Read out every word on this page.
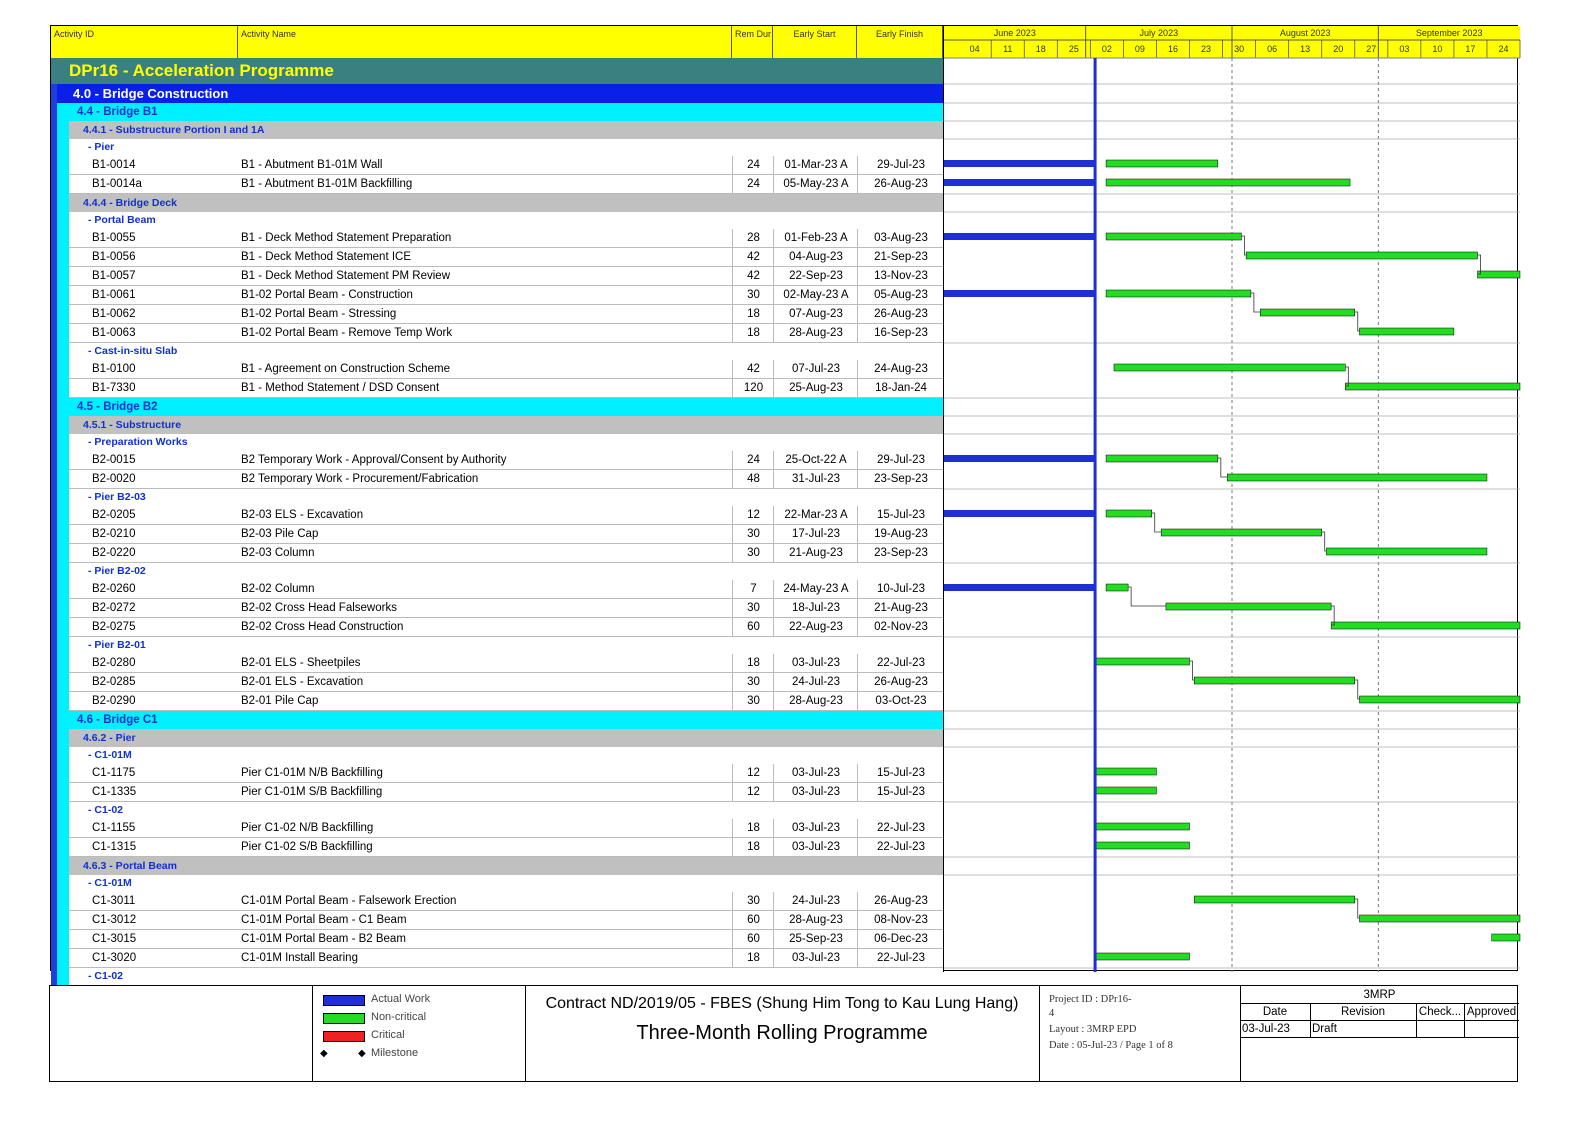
Activity ID	Activity Name	Rem Dur	Early Start	Early Finish
DPr16 - Acceleration Programme
4.0 - Bridge Construction
4.4 - Bridge B1
4.4.1 - Substructure Portion I and 1A
- Pier
B1-0014	B1 - Abutment B1-01M Wall	24	01-Mar-23 A	29-Jul-23
B1-0014a	B1 - Abutment B1-01M Backfilling	24	05-May-23 A	26-Aug-23
4.4.4 - Bridge Deck
- Portal Beam
B1-0055	B1 - Deck Method Statement Preparation	28	01-Feb-23 A	03-Aug-23
B1-0056	B1 - Deck Method Statement ICE	42	04-Aug-23	21-Sep-23
B1-0057	B1 - Deck Method Statement PM Review	42	22-Sep-23	13-Nov-23
B1-0061	B1-02 Portal Beam - Construction	30	02-May-23 A	05-Aug-23
B1-0062	B1-02 Portal Beam - Stressing	18	07-Aug-23	26-Aug-23
B1-0063	B1-02 Portal Beam - Remove Temp Work	18	28-Aug-23	16-Sep-23
- Cast-in-situ Slab
B1-0100	B1 - Agreement on Construction Scheme	42	07-Jul-23	24-Aug-23
B1-7330	B1 - Method Statement / DSD Consent	120	25-Aug-23	18-Jan-24
4.5 - Bridge B2
4.5.1 - Substructure
- Preparation Works
B2-0015	B2 Temporary Work - Approval/Consent by Authority	24	25-Oct-22 A	29-Jul-23
B2-0020	B2 Temporary Work - Procurement/Fabrication	48	31-Jul-23	23-Sep-23
- Pier B2-03
B2-0205	B2-03 ELS - Excavation	12	22-Mar-23 A	15-Jul-23
B2-0210	B2-03 Pile Cap	30	17-Jul-23	19-Aug-23
B2-0220	B2-03 Column	30	21-Aug-23	23-Sep-23
- Pier B2-02
B2-0260	B2-02 Column	7	24-May-23 A	10-Jul-23
B2-0272	B2-02 Cross Head Falseworks	30	18-Jul-23	21-Aug-23
B2-0275	B2-02 Cross Head Construction	60	22-Aug-23	02-Nov-23
- Pier B2-01
B2-0280	B2-01 ELS - Sheetpiles	18	03-Jul-23	22-Jul-23
B2-0285	B2-01 ELS - Excavation	30	24-Jul-23	26-Aug-23
B2-0290	B2-01 Pile Cap	30	28-Aug-23	03-Oct-23
4.6 - Bridge C1
4.6.2 - Pier
- C1-01M
C1-1175	Pier C1-01M N/B Backfilling	12	03-Jul-23	15-Jul-23
C1-1335	Pier C1-01M S/B Backfilling	12	03-Jul-23	15-Jul-23
- C1-02
C1-1155	Pier C1-02 N/B Backfilling	18	03-Jul-23	22-Jul-23
C1-1315	Pier C1-02 S/B Backfilling	18	03-Jul-23	22-Jul-23
4.6.3 - Portal Beam
- C1-01M
C1-3011	C1-01M Portal Beam - Falsework Erection	30	24-Jul-23	26-Aug-23
C1-3012	C1-01M Portal Beam - C1 Beam	60	28-Aug-23	08-Nov-23
C1-3015	C1-01M Portal Beam - B2 Beam	60	25-Sep-23	06-Dec-23
C1-3020	C1-01M Install Bearing	18	03-Jul-23	22-Jul-23
- C1-02
June 2023	July 2023	August 2023	September 2023
04	11	18	25	02	09	16	23	30	06	13	20	27	03	10	17	24
Actual Work
Non-critical
Critical
◆	◆ Milestone
Contract ND/2019/05 - FBES (Shung Him Tong to Kau Lung Hang)
Three-Month Rolling Programme
Project ID : DPr16-
4
Layout : 3MRP EPD
Date : 05-Jul-23 / Page 1 of 8
3MRP
Date	Revision	Check... Approved
03-Jul-23 Draft
